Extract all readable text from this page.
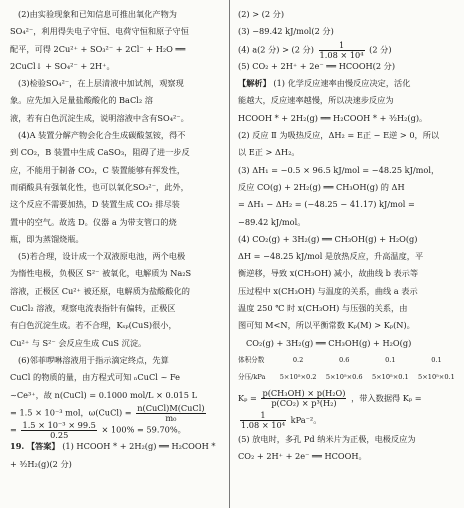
(2)由实验现象和已知信息可推出氧化产物为
SO₄²⁻，利用得失电子守恒、电荷守恒和原子守恒
配平，可得 2Cu²⁺ + SO₃²⁻ + 2Cl⁻ + H₂O ══
2CuCl↓ + SO₄²⁻ + 2H⁺。
(3)检验SO₄²⁻，在上层清液中加试剂，观察现
象。应先加入足量盐酸酸化的 BaCl₂ 溶
液，若有白色沉淀生成，说明溶液中含有SO₄²⁻。
(4)A 装置分解产物会化合生成碳酸氢铵，得不
到 CO₂，B 装置中生成 CaSO₃，阻碍了进一步反
应，不能用于制备 CO₂，C 装置能够有挥发性，
而硝酸具有强氧化性，也可以氧化SO₃²⁻，此外，
这个反应不需要加热，D 装置生成 CO₂ 排尽装
置中的空气。故选 D。仪器 a 为带支管口的烧
瓶，即为蒸馏烧瓶。
(5)若合理，设计成一个双液原电池，两个电极
为惰性电极，负极区 S²⁻ 被氧化，电解质为 Na₂S
溶液，正极区 Cu²⁺ 被还原，电解质为盐酸酸化的
CuCl₂ 溶液，观察电流表指针有偏转，正极区
有白色沉淀生成。若不合理，Kₛₚ(CuS)很小，
Cu²⁺ 与 S²⁻ 会反应生成 CuS 沉淀。
(6)邻菲啰啉溶液用于指示滴定终点，先算
CuCl 的物质的量，由方程式可知 ₙCuCl ~ Fe
~Ce³⁺，故 n(CuCl) = 0.1000 mol/L × 0.015 L
= 1.5 × 10⁻³ mol，ω(CuCl) = $\frac{\text{n(CuCl)M(CuCl)}}{\text{m₀}}$
= $\frac{\text{1.5 × 10⁻³ × 99.5}}{0.25} \times 100\% = 59.70\%$。
19. 【答案】 (1) HCOOH * + 2H₂(g) ══ H₂COOH *
+ ³⁄₂H₂(g)(2 分)
(2) > (2 分)
(3) −89.42 kJ/mol(2 分)
(4) a(2 分) > (2 分) $\frac{1}{\text{1.08 × 10⁴}} (2$ 分)
(5) CO₂ + 2H⁺ + 2e⁻ ══ HCOOH(2 分)
【解析】 (1) 化学反应速率由慢反应决定，活化
能越大，反应速率越慢，所以决速步反应为
HCOOH * + 2H₂(g) ══ H₂COOH * + ³⁄₂H₂(g)。
(2) 反应 Ⅱ 为吸热反应，ΔH₂ = E正 − E逆 > 0，所以
以 E正 > ΔH₂。
(3) ΔH₁ = −0.5 × 96.5 kJ/mol = −48.25 kJ/mol，
反应 CO(g) + 2H₂(g) ══ CH₃OH(g) 的 ΔH
= ΔH₁ − ΔH₂ = (−48.25 − 41.17) kJ/mol =
−89.42 kJ/mol。
(4) CO₂(g) + 3H₂(g) ══ CH₃OH(g) + H₂O(g)
ΔH = −48.25 kJ/mol 是放热反应，升高温度，平
衡逆移，导致 x(CH₃OH) 减小，故曲线 b 表示等
压过程中 x(CH₃OH) 与温度的关系，曲线 a 表示
温度 250 ℃ 时 x(CH₃OH) 与压强的关系，由
图可知 M<N，所以平衡常数 Kₚ(M) > Kₚ(N)。
CO₂(g) + 3H₂(g) ══ CH₃OH(g) + H₂O(g)
体积分数	0.2	0.6	0.1	0.1
分压/kPa 5×10⁵×0.2 5×10⁵×0.6 5×10⁵×0.1 5×10⁵×0.1
$K_p = \frac{\text{p(CH₃OH) × p(H₂O)}}{\text{p(CO₂) × p³(H₂)}}$ ，带入数据得 Kₚ =
$\frac{1}{\text{1.08 × 10⁴}} kPa^{-2}$。
(5) 放电时，多孔 Pd 纳米片为正极，电极反应为
CO₂ + 2H⁺ + 2e⁻ ══ HCOOH。
